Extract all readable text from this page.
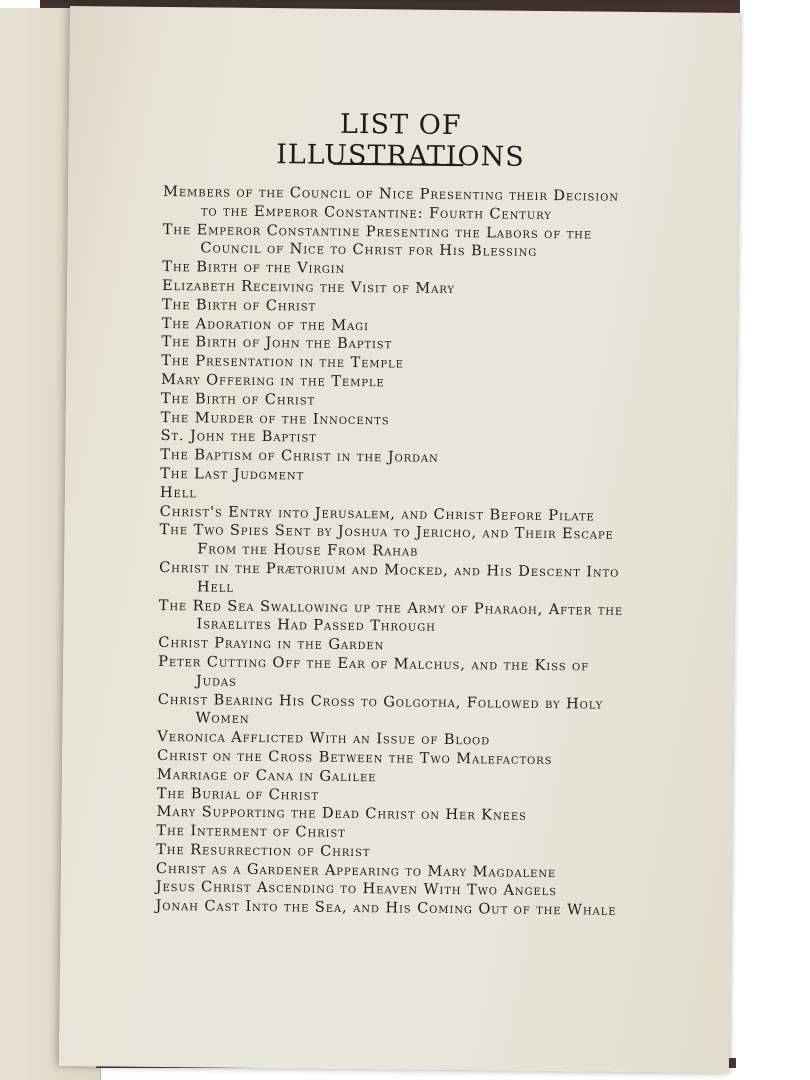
LIST OF ILLUSTRATIONS
Members of the Council of Nice Presenting their Decision to the Emperor Constantine: Fourth Century
The Emperor Constantine Presenting the Labors of the Council of Nice to Christ for His Blessing
The Birth of the Virgin
Elizabeth Receiving the Visit of Mary
The Birth of Christ
The Adoration of the Magi
The Birth of John the Baptist
The Presentation in the Temple
Mary Offering in the Temple
The Birth of Christ
The Murder of the Innocents
St. John the Baptist
The Baptism of Christ in the Jordan
The Last Judgment
Hell
Christ's Entry into Jerusalem, and Christ Before Pilate
The Two Spies Sent by Joshua to Jericho, and Their Escape From the House From Rahab
Christ in the Prætorium and Mocked, and His Descent Into Hell
The Red Sea Swallowing up the Army of Pharaoh, After the Israelites Had Passed Through
Christ Praying in the Garden
Peter Cutting Off the Ear of Malchus, and the Kiss of Judas
Christ Bearing His Cross to Golgotha, Followed by Holy Women
Veronica Afflicted With an Issue of Blood
Christ on the Cross Between the Two Malefactors
Marriage of Cana in Galilee
The Burial of Christ
Mary Supporting the Dead Christ on Her Knees
The Interment of Christ
The Resurrection of Christ
Christ as a Gardener Appearing to Mary Magdalene
Jesus Christ Ascending to Heaven With Two Angels
Jonah Cast Into the Sea, and His Coming Out of the Whale
